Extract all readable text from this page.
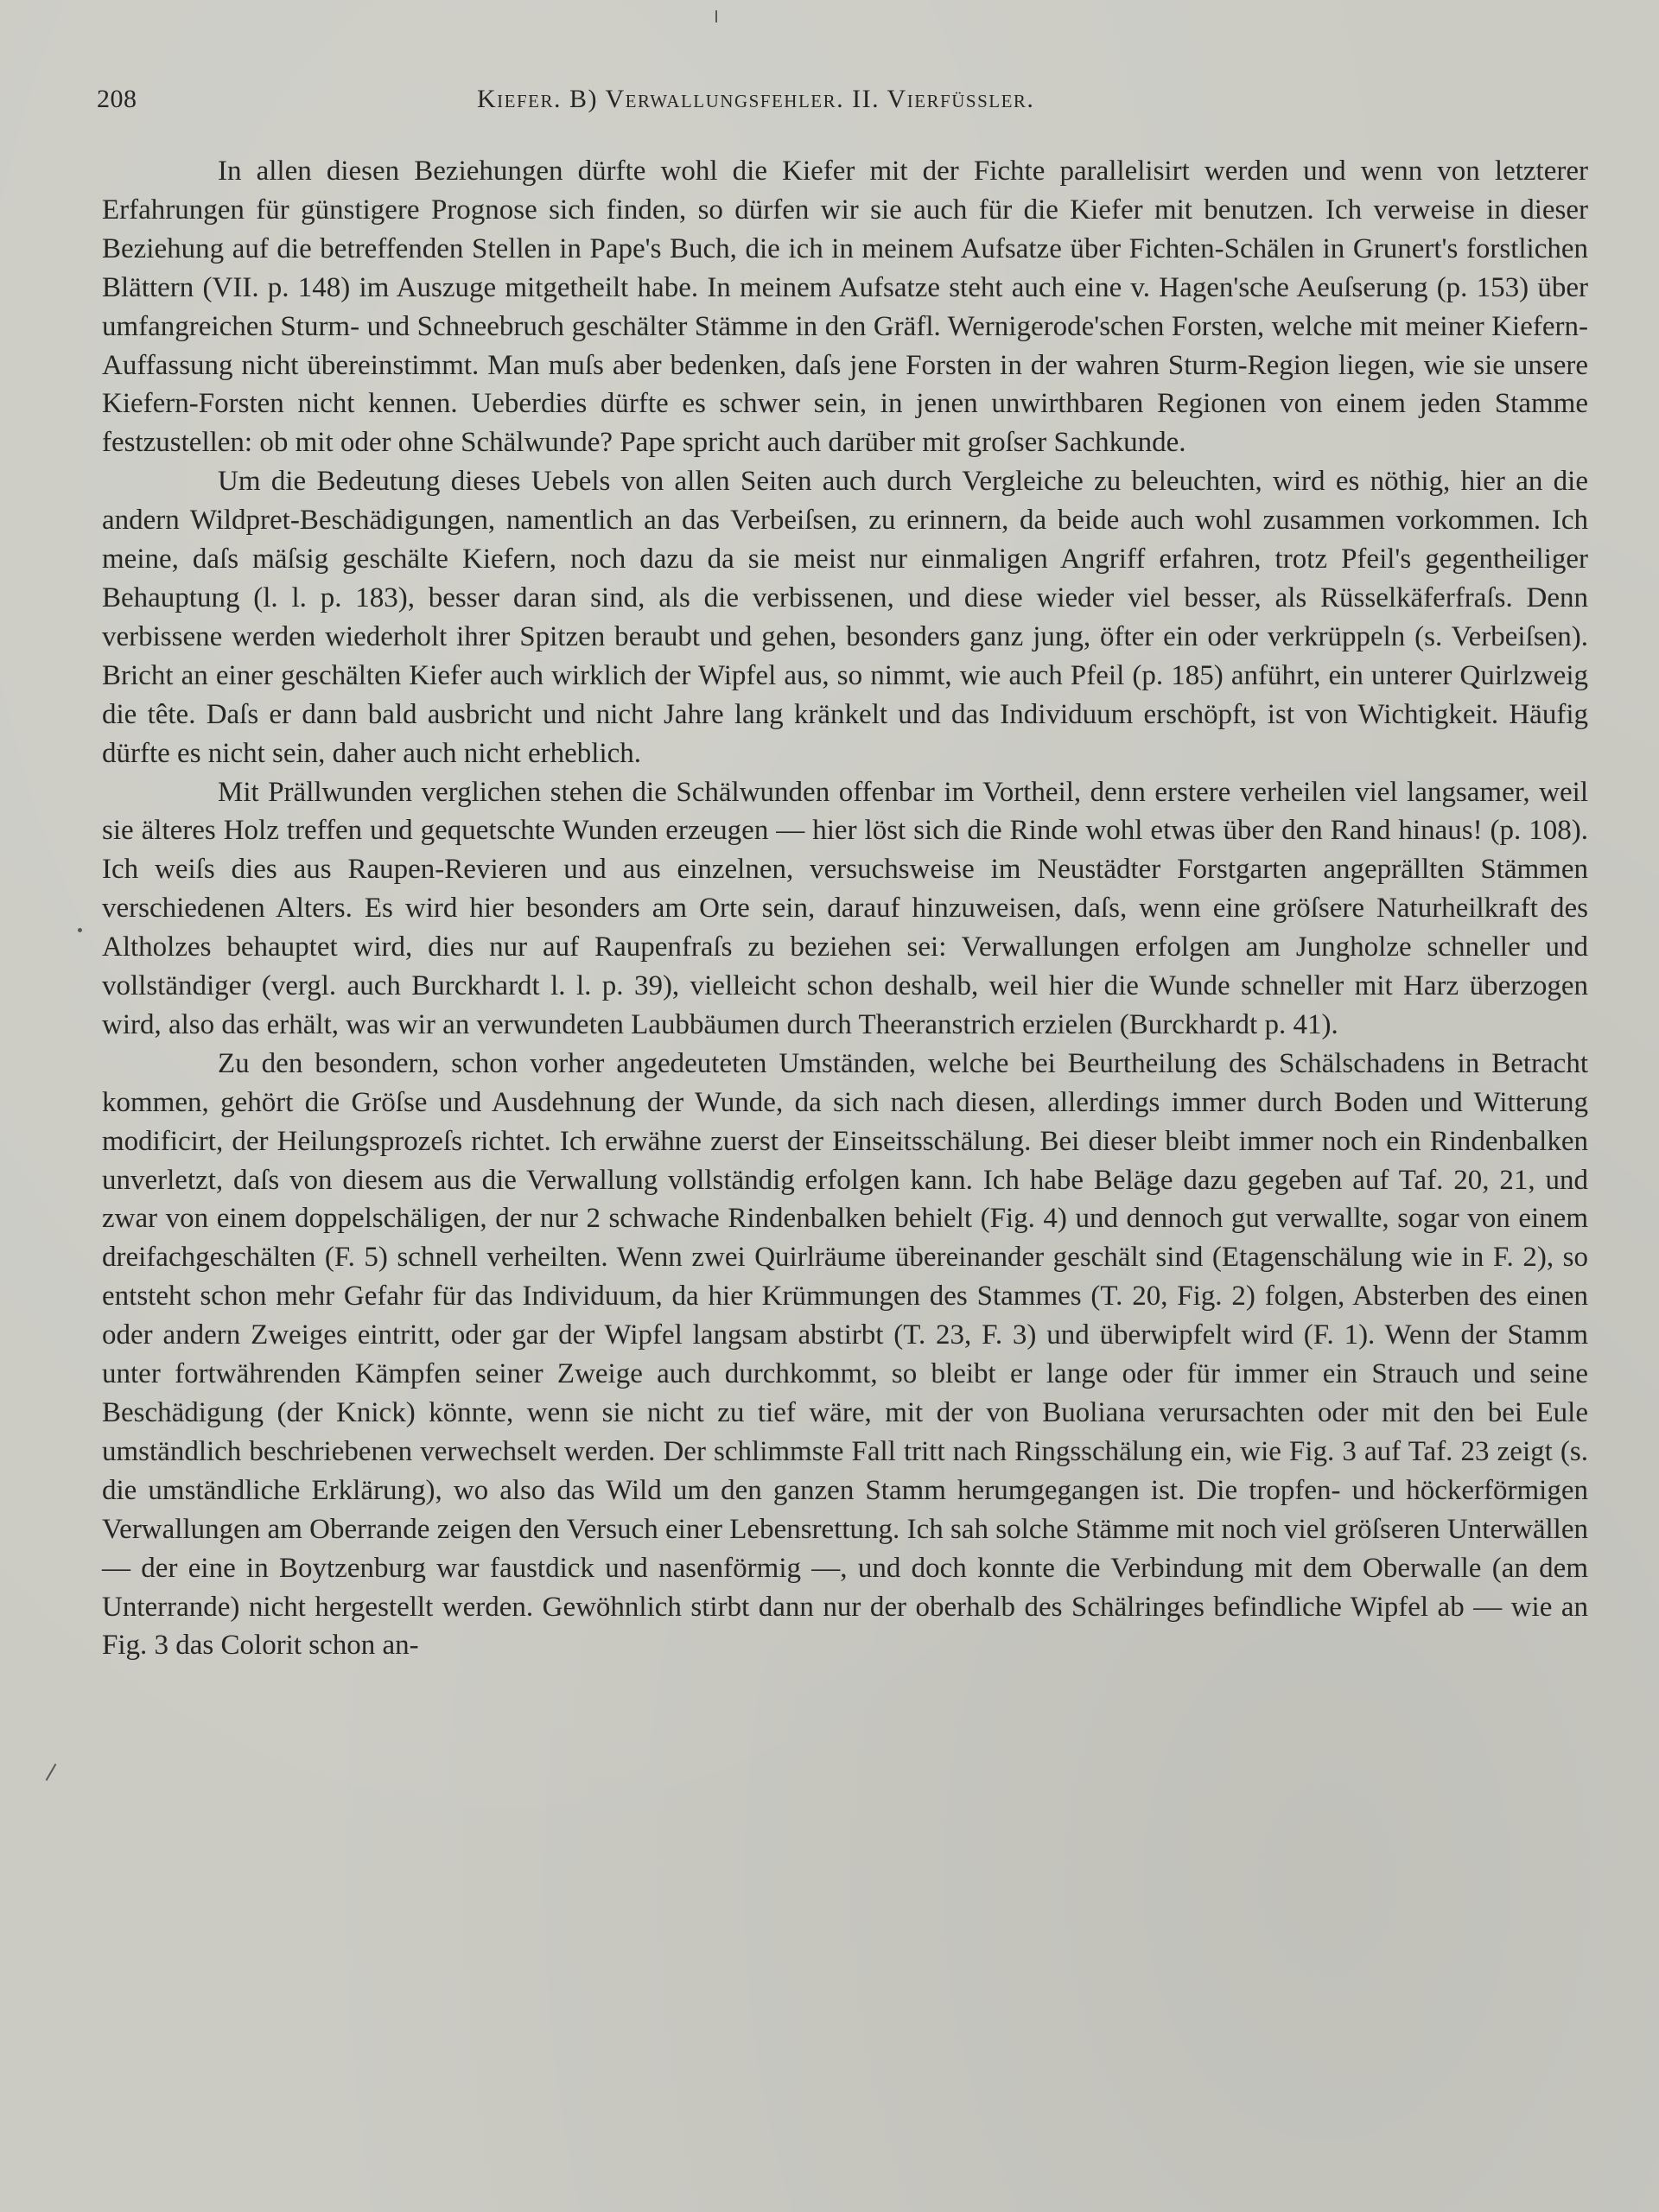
208	Kiefer. B) Verwallungsfehler. II. Vierfüssler.

In allen diesen Beziehungen dürfte wohl die Kiefer mit der Fichte parallelisirt werden und wenn von letzterer Erfahrungen für günstigere Prognose sich finden, so dürfen wir sie auch für die Kiefer mit benutzen. Ich verweise in dieser Beziehung auf die betreffenden Stellen in Pape's Buch, die ich in meinem Aufsatze über Fichten-Schälen in Grunert's forstlichen Blättern (VII. p. 148) im Auszuge mitgetheilt habe. In meinem Aufsatze steht auch eine v. Hagen'sche Aeuſserung (p. 153) über umfangreichen Sturm- und Schneebruch geschälter Stämme in den Gräfl. Wernigerode'schen Forsten, welche mit meiner Kiefern-Auffassung nicht übereinstimmt. Man muſs aber bedenken, daſs jene Forsten in der wahren Sturm-Region liegen, wie sie unsere Kiefern-Forsten nicht kennen. Ueberdies dürfte es schwer sein, in jenen unwirthbaren Regionen von einem jeden Stamme festzustellen: ob mit oder ohne Schälwunde? Pape spricht auch darüber mit groſser Sachkunde.

Um die Bedeutung dieses Uebels von allen Seiten auch durch Vergleiche zu beleuchten, wird es nöthig, hier an die andern Wildpret-Beschädigungen, namentlich an das Verbeiſsen, zu erinnern, da beide auch wohl zusammen vorkommen. Ich meine, daſs mäſsig geschälte Kiefern, noch dazu da sie meist nur einmaligen Angriff erfahren, trotz Pfeil's gegentheiliger Behauptung (l. l. p. 183), besser daran sind, als die verbissenen, und diese wieder viel besser, als Rüsselkäferfraſs. Denn verbissene werden wiederholt ihrer Spitzen beraubt und gehen, besonders ganz jung, öfter ein oder verkrüppeln (s. Verbeiſsen). Bricht an einer geschälten Kiefer auch wirklich der Wipfel aus, so nimmt, wie auch Pfeil (p. 185) anführt, ein unterer Quirlzweig die tête. Daſs er dann bald ausbricht und nicht Jahre lang kränkelt und das Individuum erschöpft, ist von Wichtigkeit. Häufig dürfte es nicht sein, daher auch nicht erheblich.

Mit Prällwunden verglichen stehen die Schälwunden offenbar im Vortheil, denn erstere verheilen viel langsamer, weil sie älteres Holz treffen und gequetschte Wunden erzeugen — hier löst sich die Rinde wohl etwas über den Rand hinaus! (p. 108). Ich weiſs dies aus Raupen-Revieren und aus einzelnen, versuchsweise im Neustädter Forstgarten angeprällten Stämmen verschiedenen Alters. Es wird hier besonders am Orte sein, darauf hinzuweisen, daſs, wenn eine gröſsere Naturheilkraft des Altholzes behauptet wird, dies nur auf Raupenfraſs zu beziehen sei: Verwallungen erfolgen am Jungholze schneller und vollständiger (vergl. auch Burckhardt l. l. p. 39), vielleicht schon deshalb, weil hier die Wunde schneller mit Harz überzogen wird, also das erhält, was wir an verwundeten Laubbäumen durch Theeranstrich erzielen (Burckhardt p. 41).

Zu den besondern, schon vorher angedeuteten Umständen, welche bei Beurtheilung des Schälschadens in Betracht kommen, gehört die Gröſse und Ausdehnung der Wunde, da sich nach diesen, allerdings immer durch Boden und Witterung modificirt, der Heilungsprozeſs richtet. Ich erwähne zuerst der Einseitsschälung. Bei dieser bleibt immer noch ein Rindenbalken unverletzt, daſs von diesem aus die Verwallung vollständig erfolgen kann. Ich habe Beläge dazu gegeben auf Taf. 20, 21, und zwar von einem doppelschäligen, der nur 2 schwache Rindenbalken behielt (Fig. 4) und dennoch gut verwallte, sogar von einem dreifachgeschälten (F. 5) schnell verheilten. Wenn zwei Quirlräume übereinander geschält sind (Etagenschälung wie in F. 2), so entsteht schon mehr Gefahr für das Individuum, da hier Krümmungen des Stammes (T. 20, Fig. 2) folgen, Absterben des einen oder andern Zweiges eintritt, oder gar der Wipfel langsam abstirbt (T. 23, F. 3) und überwipfelt wird (F. 1). Wenn der Stamm unter fortwährenden Kämpfen seiner Zweige auch durchkommt, so bleibt er lange oder für immer ein Strauch und seine Beschädigung (der Knick) könnte, wenn sie nicht zu tief wäre, mit der von Buoliana verursachten oder mit den bei Eule umständlich beschriebenen verwechselt werden. Der schlimmste Fall tritt nach Ringsschälung ein, wie Fig. 3 auf Taf. 23 zeigt (s. die umständliche Erklärung), wo also das Wild um den ganzen Stamm herumgegangen ist. Die tropfen- und höckerförmigen Verwallungen am Oberrande zeigen den Versuch einer Lebensrettung. Ich sah solche Stämme mit noch viel gröſseren Unterwällen — der eine in Boytzenburg war faustdick und nasenförmig —, und doch konnte die Verbindung mit dem Oberwalle (an dem Unterrande) nicht hergestellt werden. Gewöhnlich stirbt dann nur der oberhalb des Schälringes befindliche Wipfel ab — wie an Fig. 3 das Colorit schon an-
